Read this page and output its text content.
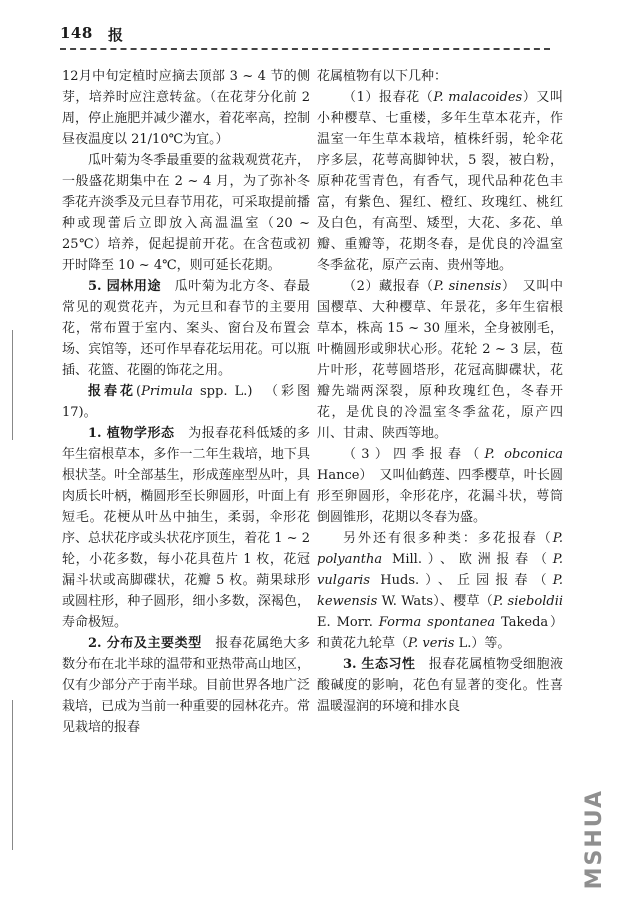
148 报

12月中旬定植时应摘去顶部 3 ~ 4 节的侧芽，培养时应注意转盆。（在花芽分化前 2 周，停止施肥并减少灌水，着花率高，控制昼夜温度以 21/10℃为宜。）

瓜叶菊为冬季最重要的盆栽观赏花卉，一般盛花期集中在 2 ~ 4 月，为了弥补冬季花卉淡季及元旦春节用花，可采取提前播种或现蕾后立即放入高温温室（20 ~ 25℃）培养，促起提前开花。在含苞或初开时降至 10 ~ 4℃，则可延长花期。

5. 园林用途　 瓜叶菊为北方冬、春最常见的观赏花卉，为元旦和春节的主要用花，常布置于室内、案头、窗台及布置会场、宾馆等，还可作早春花坛用花。可以瓶插、花篮、花圈的饰花之用。

报春花(Primula spp. L.)　（彩图 17)。

1. 植物学形态　 为报春花科低矮的多年生宿根草本，多作一二年生栽培，地下具根状茎。叶全部基生，形成莲座型丛叶，具肉质长叶柄，椭圆形至长卵圆形，叶面上有短毛。花梗从叶丛中抽生，柔弱，伞形花序、总状花序或头状花序顶生，着花 1 ~ 2 轮，小花多数，每小花具苞片 1 枚，花冠漏斗状或高脚碟状，花瓣 5 枚。蒴果球形或圆柱形，种子圆形，细小多数，深褐色，寿命极短。

2. 分布及主要类型　 报春花属绝大多数分布在北半球的温带和亚热带高山地区，仅有少部分产于南半球。目前世界各地广泛栽培，已成为当前一种重要的园林花卉。常见栽培的报春

花属植物有以下几种：

（1）报春花（P. malacoides）又叫小种樱草、七重楼，多年生草本花卉，作温室一年生草本栽培，植株纤弱，轮伞花序多层，花萼高脚钟状，5 裂，被白粉，原种花雪青色，有香气，现代品种花色丰富，有紫色、猩红、橙红、玫瑰红、桃红及白色，有高型、矮型，大花、多花、单瓣、重瓣等，花期冬春，是优良的冷温室冬季盆花，原产云南、贵州等地。

（2）藏报春（P. sinensis）　 又叫中国樱草、大种樱草、年景花，多年生宿根草本，株高 15 ~ 30 厘米，全身被刚毛，叶椭圆形或卵状心形。花轮 2 ~ 3 层，苞片叶形，花萼圆塔形，花冠高脚碟状，花瓣先端两深裂，原种玫瑰红色，冬春开花，是优良的冷温室冬季盆花，原产四川、甘肃、陕西等地。

（3）四季报春（P. obconica Hance）　 又叫仙鹤莲、四季樱草，叶长圆形至卵圆形，伞形花序，花漏斗状，萼筒倒圆锥形，花期以冬春为盛。

另外还有很多种类：多花报春（P. polyantha Mill.）、欧洲报春（P. vulgaris Huds.）、丘园报春（P. kewensis W. Wats）、樱草（P. sieboldii E. Morr. Forma spontanea Takeda）和黄花九轮草（P. veris L.）等。

3. 生态习性　 报春花属植物受细胞液酸碱度的影响，花色有显著的变化。性喜温暖湿润的环境和排水良

MSHUA
